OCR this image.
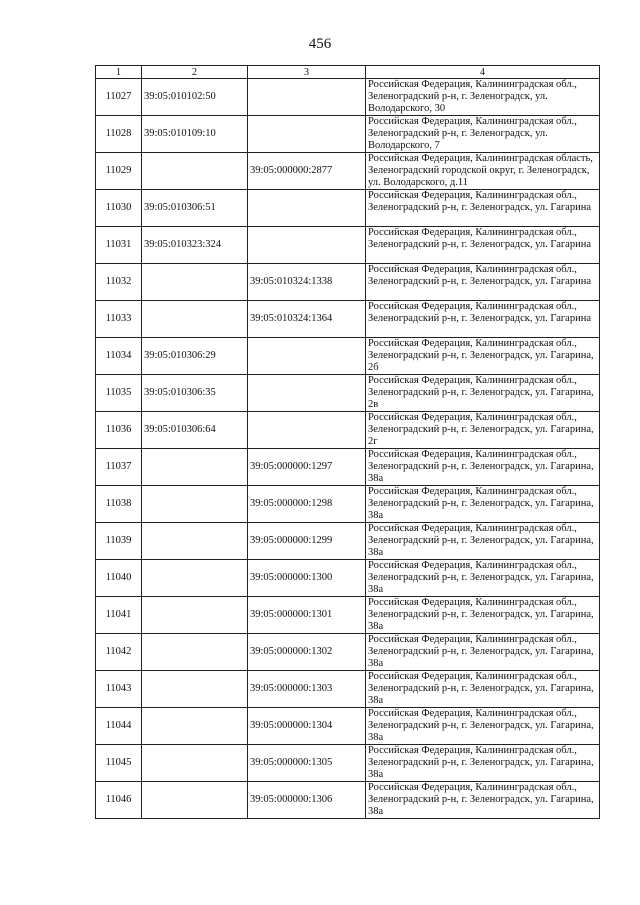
456
1	2	3	4
11027	39:05:010102:50		Российская Федерация, Калининградская обл., Зеленоградский р-н, г. Зеленоградск, ул. Володарского, 30
11028	39:05:010109:10		Российская Федерация, Калининградская обл., Зеленоградский р-н, г. Зеленоградск, ул. Володарского, 7
11029		39:05:000000:2877	Российская Федерация, Калининградская область, Зеленоградский городской округ, г. Зеленоградск, ул. Володарского, д.11
11030	39:05:010306:51		Российская Федерация, Калининградская обл., Зеленоградский р-н, г. Зеленоградск, ул. Гагарина
11031	39:05:010323:324		Российская Федерация, Калининградская обл., Зеленоградский р-н, г. Зеленоградск, ул. Гагарина
11032		39:05:010324:1338	Российская Федерация, Калининградская обл., Зеленоградский р-н, г. Зеленоградск, ул. Гагарина
11033		39:05:010324:1364	Российская Федерация, Калининградская обл., Зеленоградский р-н, г. Зеленоградск, ул. Гагарина
11034	39:05:010306:29		Российская Федерация, Калининградская обл., Зеленоградский р-н, г. Зеленоградск, ул. Гагарина, 2б
11035	39:05:010306:35		Российская Федерация, Калининградская обл., Зеленоградский р-н, г. Зеленоградск, ул. Гагарина, 2в
11036	39:05:010306:64		Российская Федерация, Калининградская обл., Зеленоградский р-н, г. Зеленоградск, ул. Гагарина, 2г
11037		39:05:000000:1297	Российская Федерация, Калининградская обл., Зеленоградский р-н, г. Зеленоградск, ул. Гагарина, 38а
11038		39:05:000000:1298	Российская Федерация, Калининградская обл., Зеленоградский р-н, г. Зеленоградск, ул. Гагарина, 38а
11039		39:05:000000:1299	Российская Федерация, Калининградская обл., Зеленоградский р-н, г. Зеленоградск, ул. Гагарина, 38а
11040		39:05:000000:1300	Российская Федерация, Калининградская обл., Зеленоградский р-н, г. Зеленоградск, ул. Гагарина, 38а
11041		39:05:000000:1301	Российская Федерация, Калининградская обл., Зеленоградский р-н, г. Зеленоградск, ул. Гагарина, 38а
11042		39:05:000000:1302	Российская Федерация, Калининградская обл., Зеленоградский р-н, г. Зеленоградск, ул. Гагарина, 38а
11043		39:05:000000:1303	Российская Федерация, Калининградская обл., Зеленоградский р-н, г. Зеленоградск, ул. Гагарина, 38а
11044		39:05:000000:1304	Российская Федерация, Калининградская обл., Зеленоградский р-н, г. Зеленоградск, ул. Гагарина, 38а
11045		39:05:000000:1305	Российская Федерация, Калининградская обл., Зеленоградский р-н, г. Зеленоградск, ул. Гагарина, 38а
11046		39:05:000000:1306	Российская Федерация, Калининградская обл., Зеленоградский р-н, г. Зеленоградск, ул. Гагарина, 38а
